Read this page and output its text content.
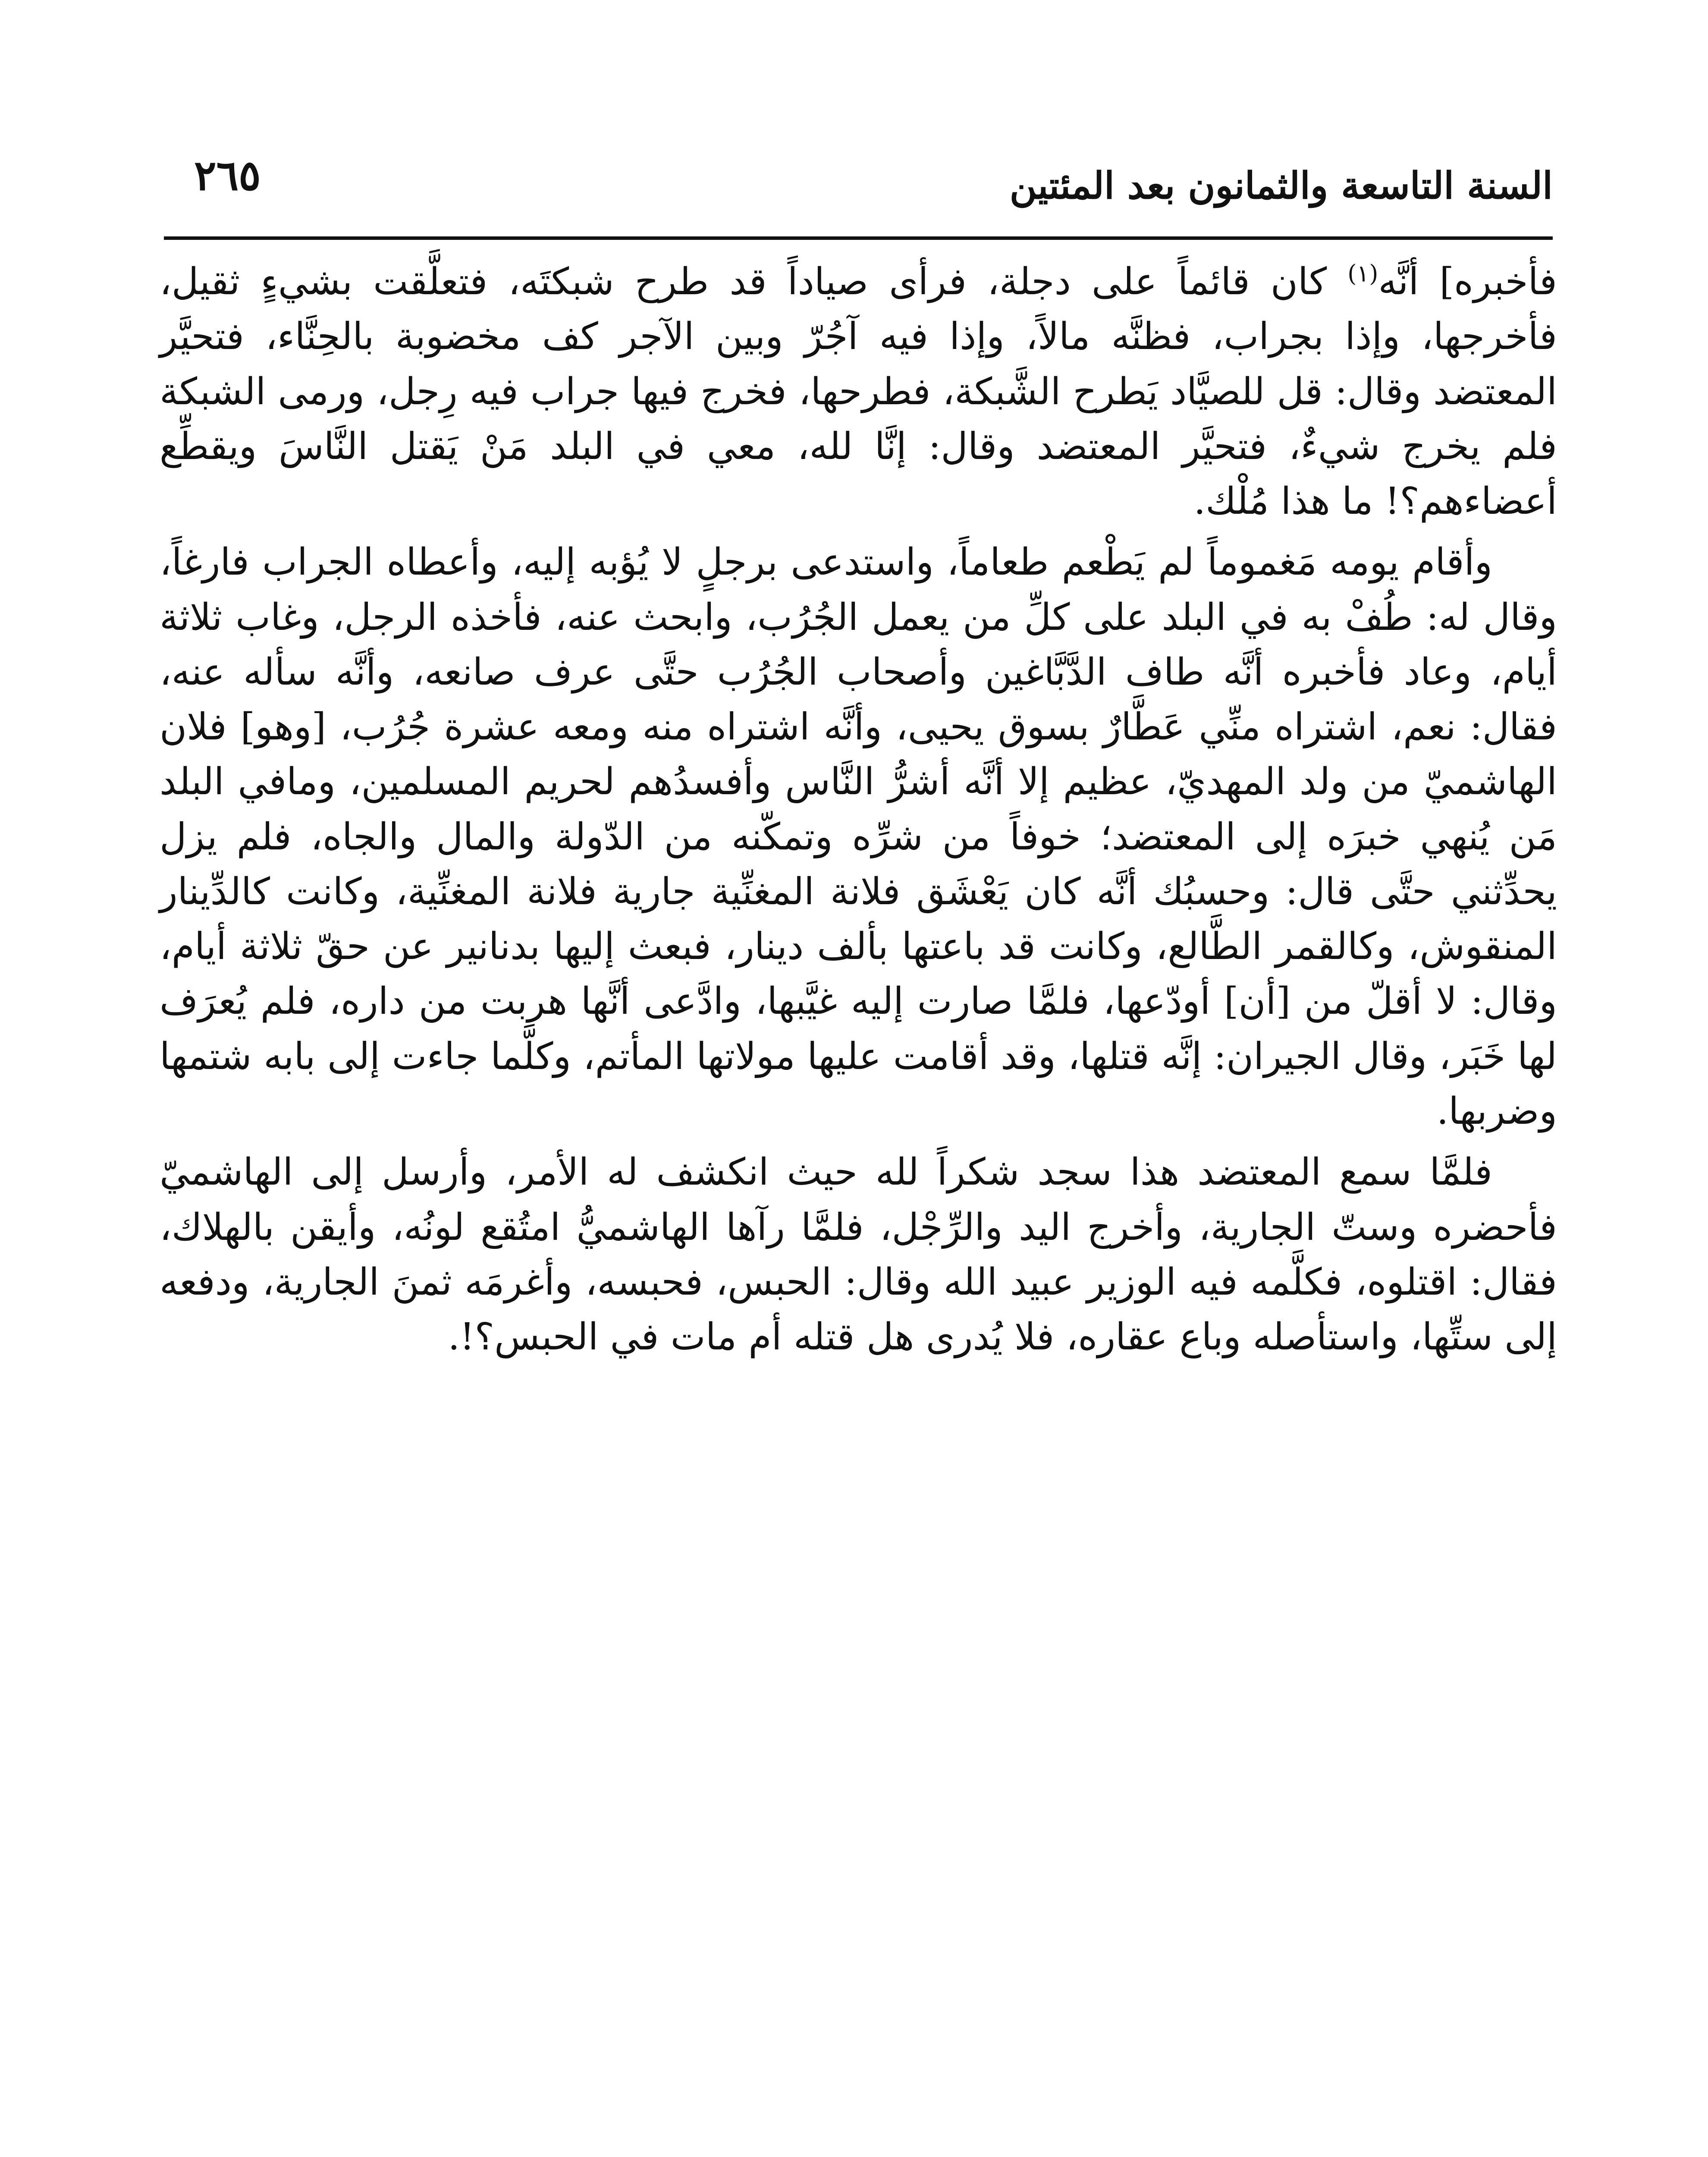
السنة التاسعة والثمانون بعد المئتين
٢٦٥

فأخبره] أنَّه$^{(١)}$ كان قائماً على دجلة، فرأى صياداً قد طرح شبكتَه، فتعلَّقت بشيءٍ ثقيل، فأخرجها، وإذا بجراب، فظنَّه مالاً، وإذا فيه آجُرّ وبين الآجر كف مخضوبة بالحِنَّاء، فتحيَّر المعتضد وقال: قل للصيَّاد يَطرح الشَّبكة، فطرحها، فخرج فيها جراب فيه رِجل، ورمى الشبكة فلم يخرج شيءٌ، فتحيَّر المعتضد وقال: إنَّا لله، معي في البلد مَنْ يَقتل النَّاسَ ويقطِّع أعضاءهم؟! ما هذا مُلْك.

وأقام يومه مَغموماً لم يَطْعم طعاماً، واستدعى برجلٍ لا يُؤبه إليه، وأعطاه الجراب فارغاً، وقال له: طُفْ به في البلد على كلِّ من يعمل الجُرُب، وابحث عنه، فأخذه الرجل، وغاب ثلاثة أيام، وعاد فأخبره أنَّه طاف الدَّبَّاغين وأصحاب الجُرُب حتَّى عرف صانعه، وأنَّه سأله عنه، فقال: نعم، اشتراه منِّي عَطَّارٌ بسوق يحيى، وأنَّه اشتراه منه ومعه عشرة جُرُب، [وهو] فلان الهاشميّ من ولد المهديّ، عظيم إلا أنَّه أشرُّ النَّاس وأفسدُهم لحريم المسلمين، ومافي البلد مَن يُنهي خبرَه إلى المعتضد؛ خوفاً من شرِّه وتمكّنه من الدّولة والمال والجاه، فلم يزل يحدِّثني حتَّى قال: وحسبُك أنَّه كان يَعْشَق فلانة المغنِّية جارية فلانة المغنِّية، وكانت كالدِّينار المنقوش، وكالقمر الطَّالع، وكانت قد باعتها بألف دينار، فبعث إليها بدنانير عن حقّ ثلاثة أيام، وقال: لا أقلّ من [أن] أودّعها، فلمَّا صارت إليه غيَّبها، وادَّعى أنَّها هربت من داره، فلم يُعرَف لها خَبَر، وقال الجيران: إنَّه قتلها، وقد أقامت عليها مولاتها المأتم، وكلَّما جاءت إلى بابه شتمها وضربها.

فلمَّا سمع المعتضد هذا سجد شكراً لله حيث انكشف له الأمر، وأرسل إلى الهاشميّ فأحضره وستّ الجارية، وأخرج اليد والرِّجْل، فلمَّا رآها الهاشميُّ امتُقع لونُه، وأيقن بالهلاك، فقال: اقتلوه، فكلَّمه فيه الوزير عبيد الله وقال: الحبس، فحبسه، وأغرمَه ثمنَ الجارية، ودفعه إلى ستِّها، واستأصله وباع عقاره، فلا يُدرى هل قتله أم مات في الحبس؟!.
